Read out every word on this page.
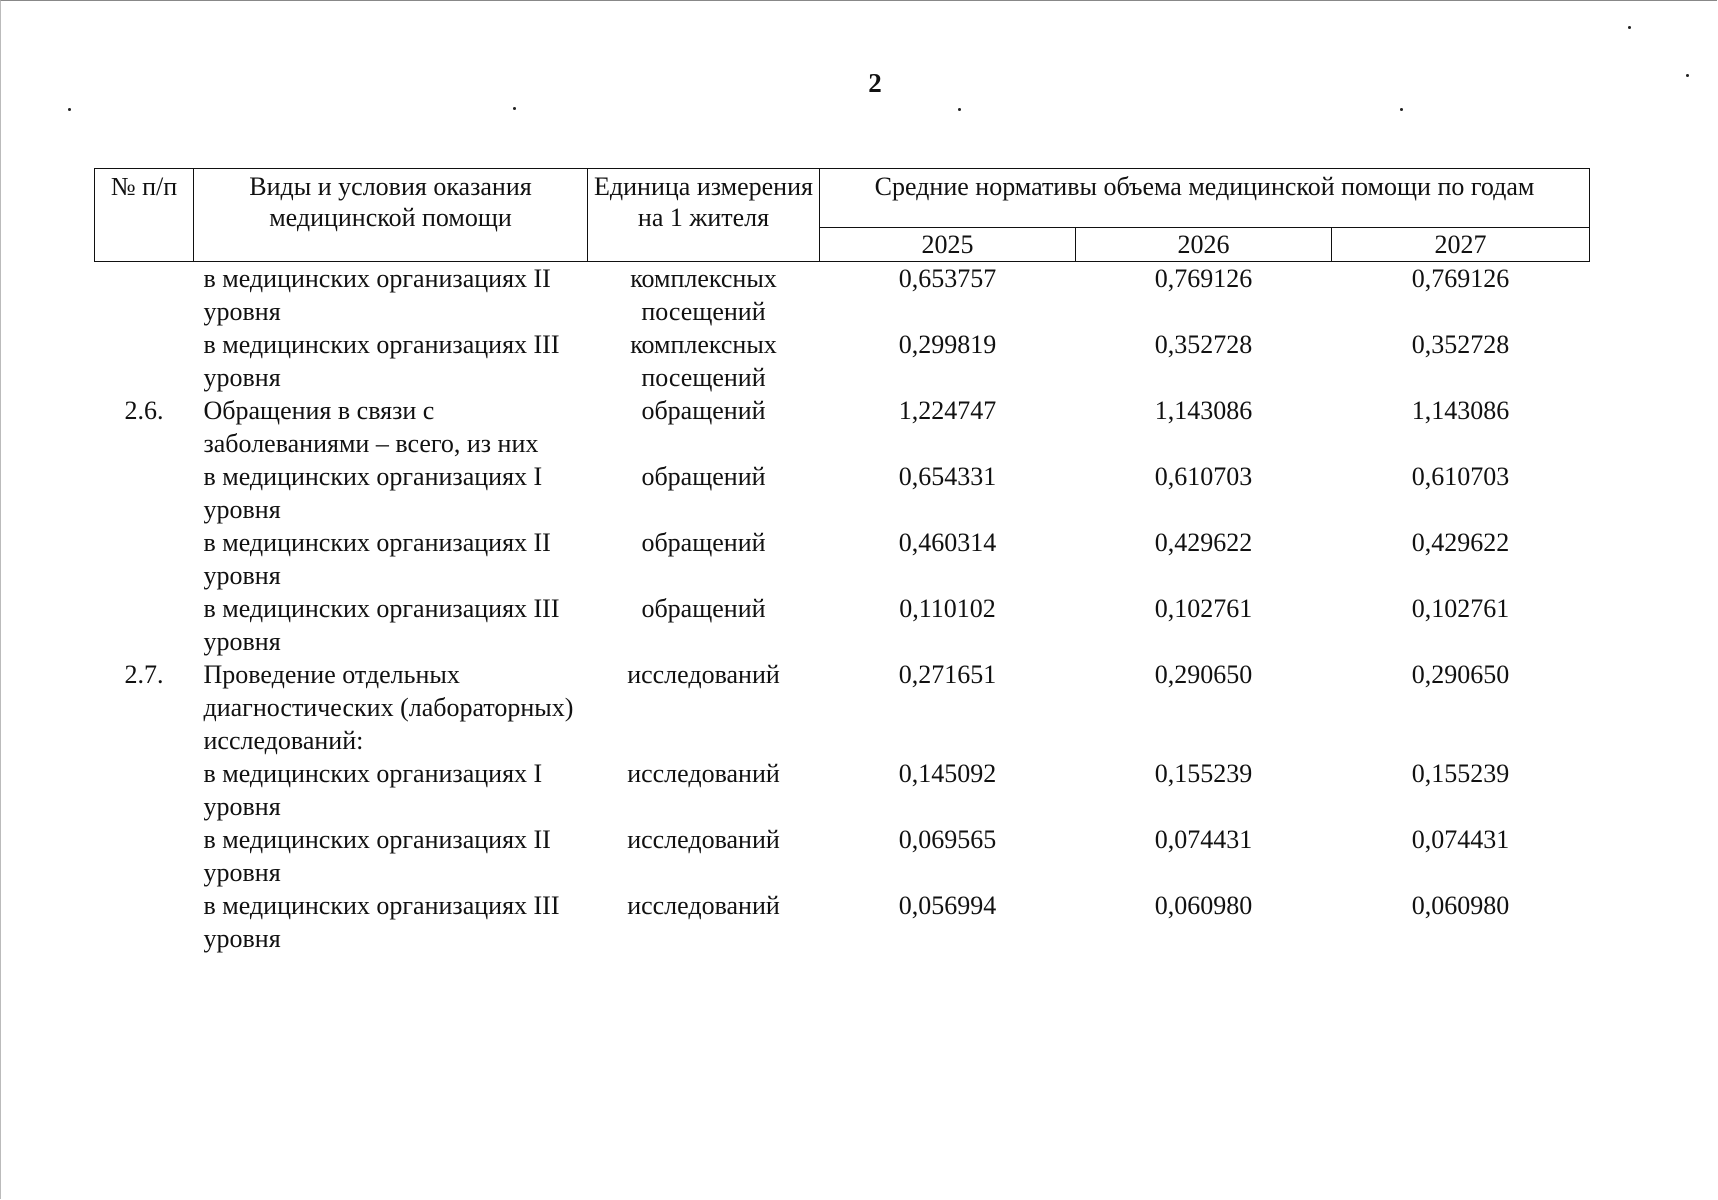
2
№ п/п	Виды и условия оказания медицинской помощи	Единица измерения на 1 жителя	Средние нормативы объема медицинской помощи по годам		
			2025	2026	2027
	в медицинских организациях II уровня	комплексных посещений	0,653757	0,769126	0,769126
	в медицинских организациях III уровня	комплексных посещений	0,299819	0,352728	0,352728
2.6.	Обращения в связи с заболеваниями – всего, из них	обращений	1,224747	1,143086	1,143086
	в медицинских организациях I уровня	обращений	0,654331	0,610703	0,610703
	в медицинских организациях II уровня	обращений	0,460314	0,429622	0,429622
	в медицинских организациях III уровня	обращений	0,110102	0,102761	0,102761
2.7.	Проведение отдельных диагностических (лабораторных) исследований:	исследований	0,271651	0,290650	0,290650
	в медицинских организациях I уровня	исследований	0,145092	0,155239	0,155239
	в медицинских организациях II уровня	исследований	0,069565	0,074431	0,074431
	в медицинских организациях III уровня	исследований	0,056994	0,060980	0,060980
